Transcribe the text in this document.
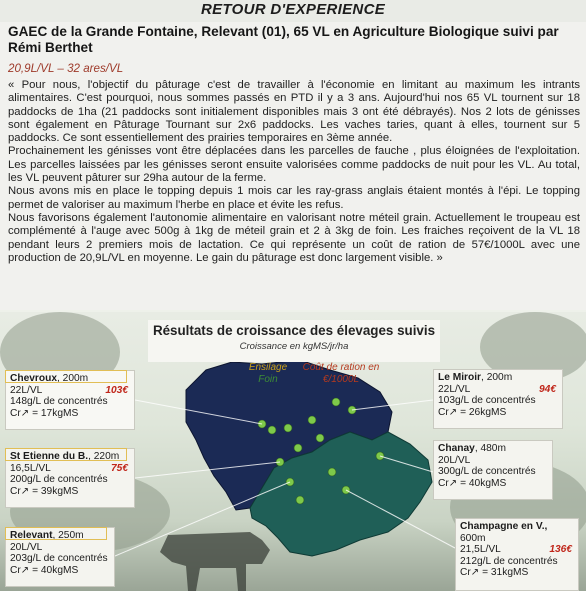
RETOUR D'EXPERIENCE
GAEC de la Grande Fontaine, Relevant (01), 65 VL en Agriculture Biologique suivi par Rémi Berthet
20,9L/VL – 32 ares/VL

« Pour nous, l'objectif du pâturage c'est de travailler à l'économie en limitant au maximum les intrants alimentaires. C'est pourquoi, nous sommes passés en PTD il y a 3 ans. Aujourd'hui nos 65 VL tournent sur 18 paddocks de 1ha (21 paddocks sont initialement disponibles mais 3 ont été débrayés). Nos 2 lots de génisses sont également en Pâturage Tournant sur 2x6 paddocks. Les vaches taries, quant à elles, tournent sur 5 paddocks. Ce sont essentiellement des prairies temporaires en 3ème année.

Prochainement les génisses vont être déplacées dans les parcelles de fauche , plus éloignées de l'exploitation. Les parcelles laissées par les génisses seront ensuite valorisées comme paddocks de nuit pour les VL. Au total, les VL peuvent pâturer sur 29ha autour de la ferme.

Nous avons mis en place le topping depuis 1 mois car les ray-grass anglais étaient montés à l'épi. Le topping permet de valoriser au maximum l'herbe en place et évite les refus.

Nous favorisons également l'autonomie alimentaire en valorisant notre méteil grain. Actuellement le troupeau est complémenté à l'auge avec 500g à 1kg de méteil grain et 2 à 3kg de foin. Les fraiches reçoivent de la VL 18 pendant leurs 2 premiers mois de lactation. Ce qui représente un coût de ration de 57€/1000L avec une production de 20,9L/VL en moyenne. Le gain du pâturage est donc largement visible. »

Résultats de croissance des élevages suivis
Croissance en kgMS/jr/ha
Ensilage
Foin
Coût de ration en €/1000L
Chevroux, 200m
22L/VL	103€
148g/L de concentrés
Cr↗ = 17kgMS
St Etienne du B., 220m
16,5L/VL	75€
200g/L de concentrés
Cr↗ = 39kgMS
Relevant, 250m
20L/VL
203g/L de concentrés
Cr↗ = 40kgMS
Le Miroir, 200m
22L/VL	94€
103g/L de concentrés
Cr↗ = 26kgMS
Chanay, 480m
20L/VL
300g/L de concentrés
Cr↗ = 40kgMS
Champagne en V.,
600m
21,5L/VL	136€
212g/L de concentrés
Cr↗ = 31kgMS
